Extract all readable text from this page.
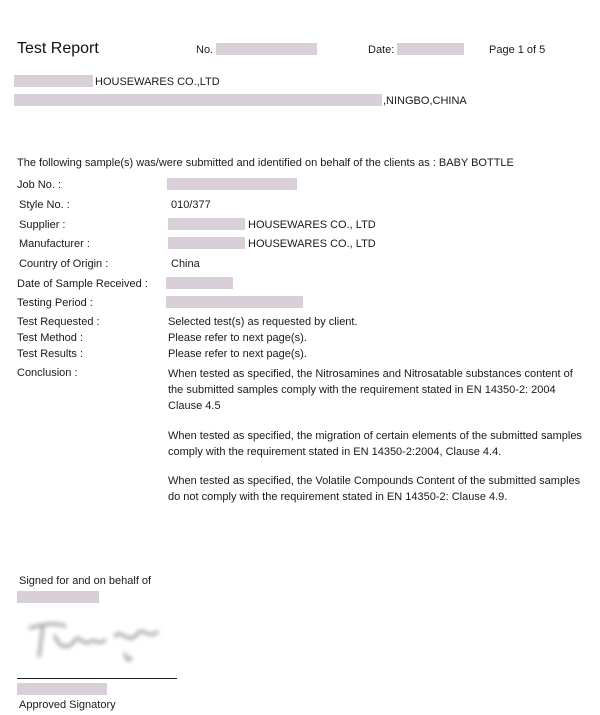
Test Report	No.	Date:	Page 1 of 5
HOUSEWARES CO.,LTD
,NINGBO,CHINA
The following sample(s) was/were submitted and identified on behalf of the clients as : BABY BOTTLE
Job No. :
Style No. :	010/377
Supplier :	HOUSEWARES CO., LTD
Manufacturer :	HOUSEWARES CO., LTD
Country of Origin :	China
Date of Sample Received :
Testing Period :
Test Requested :	Selected test(s) as requested by client.
Test Method :	Please refer to next page(s).
Test Results :	Please refer to next page(s).
Conclusion :	When tested as specified, the Nitrosamines and Nitrosatable substances content of the submitted samples comply with the requirement stated in EN 14350-2: 2004 Clause 4.5
When tested as specified, the migration of certain elements of the submitted samples comply with the requirement stated in EN 14350-2:2004, Clause 4.4.
When tested as specified, the Volatile Compounds Content of the submitted samples do not comply with the requirement stated in EN 14350-2: Clause 4.9.
Signed for and on behalf of
Approved Signatory
